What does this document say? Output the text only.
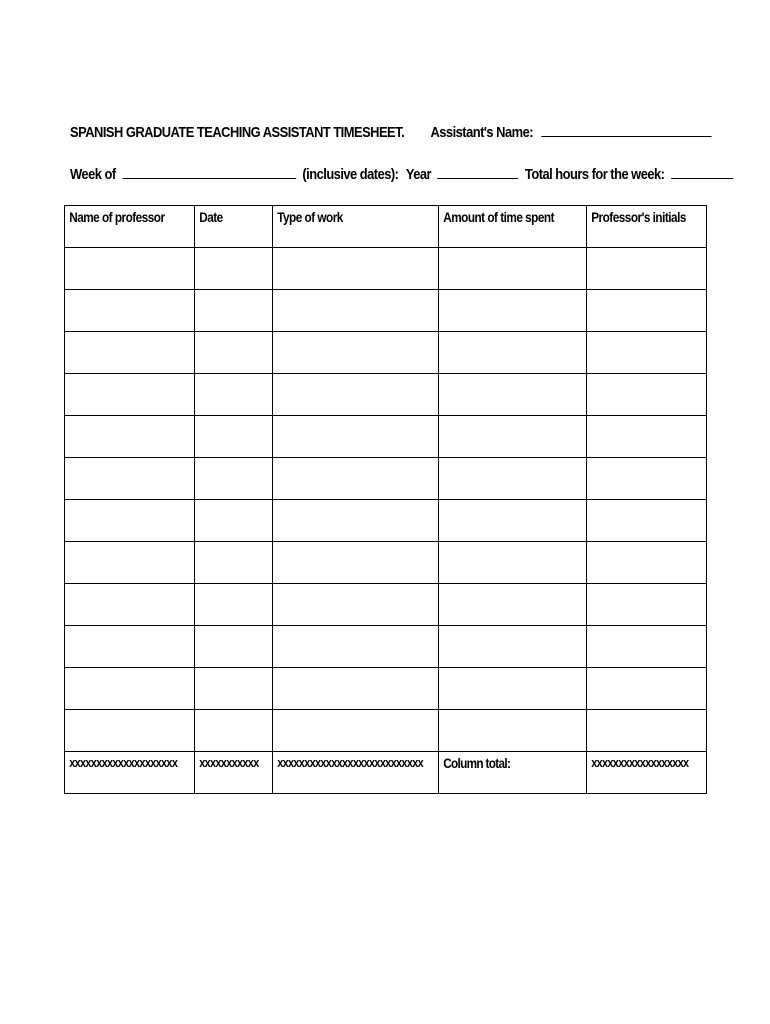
SPANISH GRADUATE TEACHING ASSISTANT TIMESHEET. Assistant's Name:
Week of	(inclusive dates): Year	Total hours for the week:
Name of professor	Date	Type of work	Amount of time spent	Professor's initials

xxxxxxxxxxxxxxxxxxxx	xxxxxxxxxxx	xxxxxxxxxxxxxxxxxxxxxxxxxxx	Column total:	xxxxxxxxxxxxxxxxxx
